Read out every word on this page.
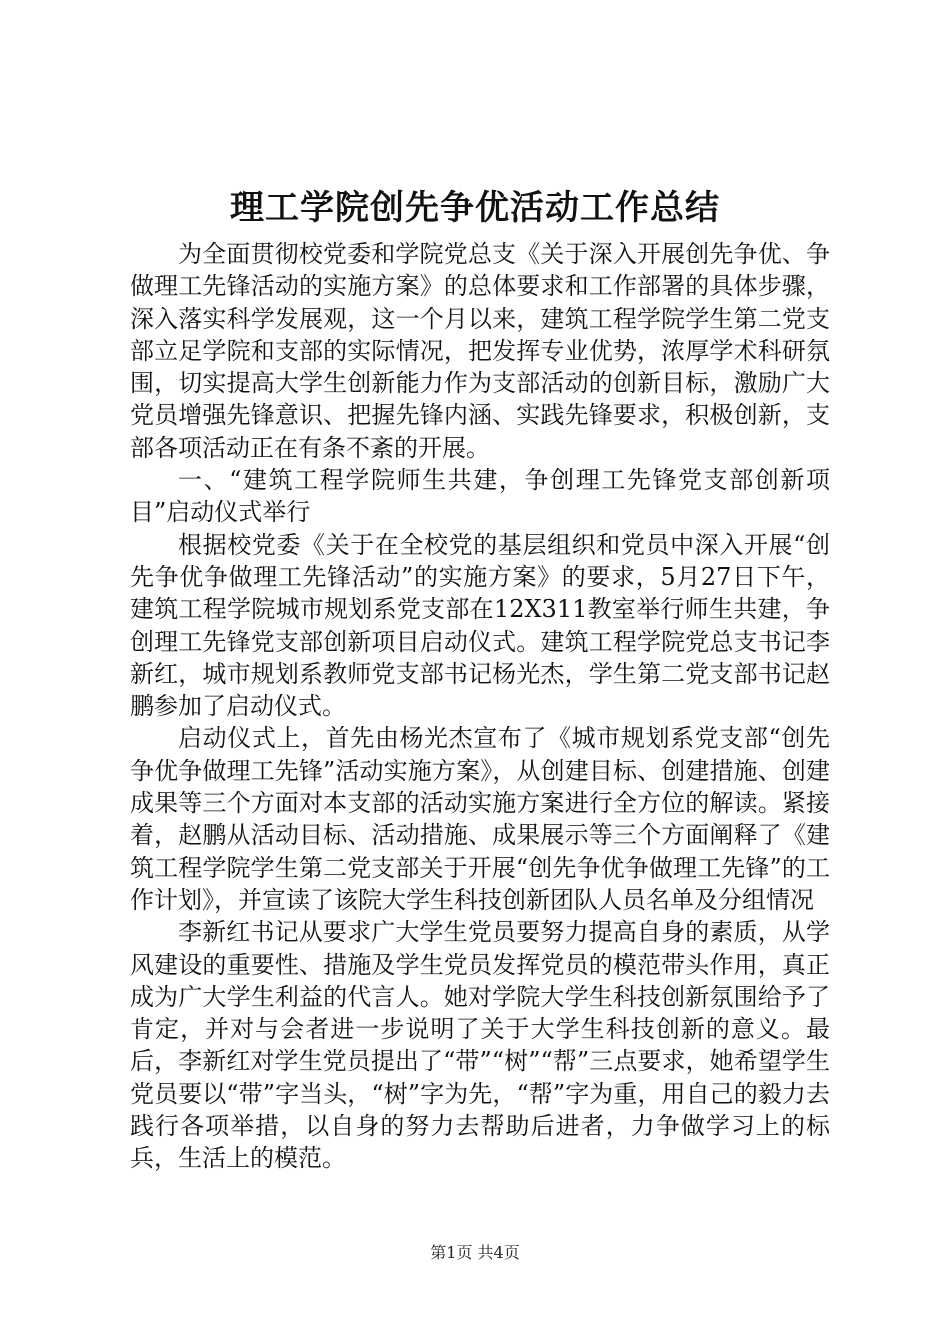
理工学院创先争优活动工作总结

为全面贯彻校党委和学院党总支《关于深入开展创先争优、争做理工先锋活动的实施方案》的总体要求和工作部署的具体步骤，深入落实科学发展观，这一个月以来，建筑工程学院学生第二党支部立足学院和支部的实际情况，把发挥专业优势，浓厚学术科研氛围，切实提高大学生创新能力作为支部活动的创新目标，激励广大党员增强先锋意识、把握先锋内涵、实践先锋要求，积极创新，支部各项活动正在有条不紊的开展。

一、“建筑工程学院师生共建，争创理工先锋党支部创新项目”启动仪式举行

根据校党委《关于在全校党的基层组织和党员中深入开展“创先争优争做理工先锋活动”的实施方案》的要求，5月27日下午，建筑工程学院城市规划系党支部在12X311教室举行师生共建，争创理工先锋党支部创新项目启动仪式。建筑工程学院党总支书记李新红，城市规划系教师党支部书记杨光杰，学生第二党支部书记赵鹏参加了启动仪式。

启动仪式上，首先由杨光杰宣布了《城市规划系党支部“创先争优争做理工先锋”活动实施方案》，从创建目标、创建措施、创建成果等三个方面对本支部的活动实施方案进行全方位的解读。紧接着，赵鹏从活动目标、活动措施、成果展示等三个方面阐释了《建筑工程学院学生第二党支部关于开展“创先争优争做理工先锋”的工作计划》，并宣读了该院大学生科技创新团队人员名单及分组情况

李新红书记从要求广大学生党员要努力提高自身的素质，从学风建设的重要性、措施及学生党员发挥党员的模范带头作用，真正成为广大学生利益的代言人。她对学院大学生科技创新氛围给予了肯定，并对与会者进一步说明了关于大学生科技创新的意义。最后，李新红对学生党员提出了“带”“树”“帮”三点要求，她希望学生党员要以“带”字当头，“树”字为先，“帮”字为重，用自己的毅力去践行各项举措，以自身的努力去帮助后进者，力争做学习上的标兵，生活上的模范。

第1页 共4页
